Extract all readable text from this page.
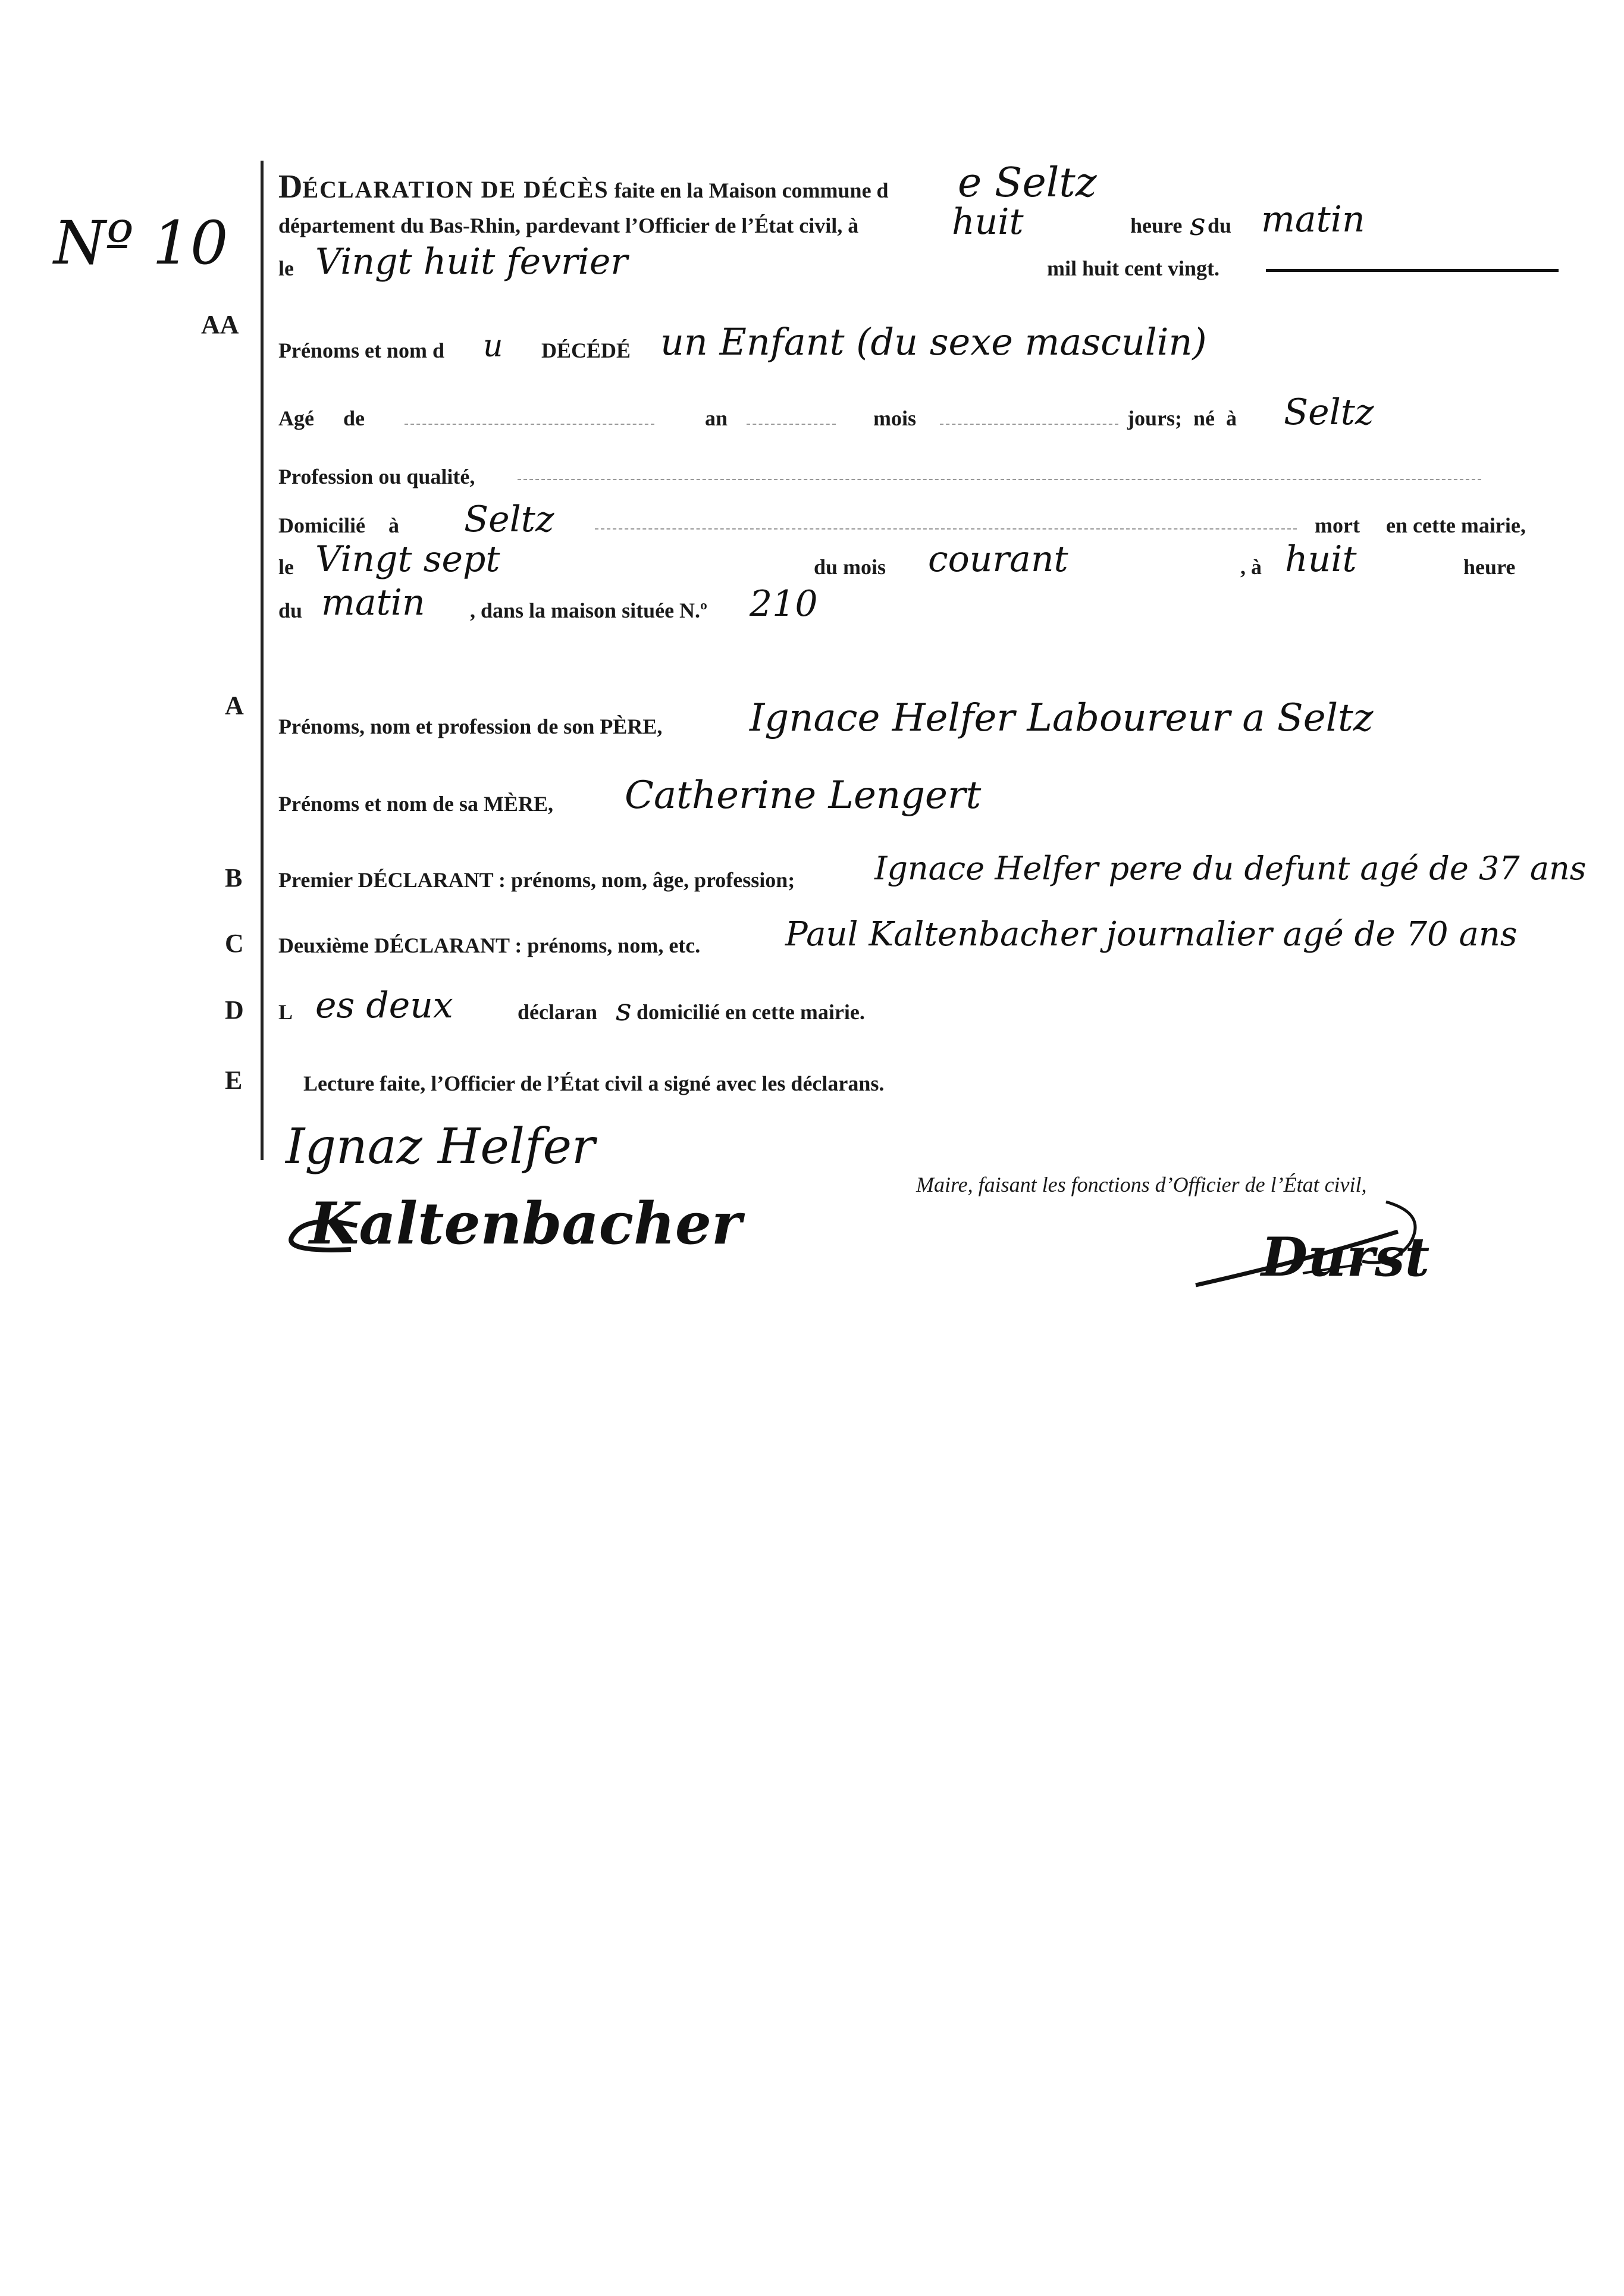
Nº 10
AA
A
B
C
D
E
DÉCLARATION DE DÉCÈS faite en la Maison commune d e Seltz
département du Bas-Rhin, pardevant l’Officier de l’État civil, à	huit	heure s du matin
le Vingt huit fevrier	mil huit cent vingt.
Prénoms et nom d u DÉCÉDÉ un Enfant (du sexe masculin)
Agé de	an	mois	jours; né à Seltz
Profession ou qualité,
Domicilié à Seltz	mort en cette mairie,
le Vingt sept	du mois courant	, à huit	heure
du matin , dans la maison située N.º 210
Prénoms, nom et profession de son PÈRE, Ignace Helfer Laboureur a Seltz
Prénoms et nom de sa MÈRE, Catherine Lengert
Premier DÉCLARANT : prénoms, nom, âge, profession; Ignace Helfer pere du defunt agé de 37 ans
Deuxième DÉCLARANT : prénoms, nom, etc.	Paul Kaltenbacher journalier agé de 70 ans
L es deux	déclaran s domicilié en cette mairie.
Lecture faite, l’Officier de l’État civil a signé avec les déclarans.
Ignaz Helfer
Kaltenbacher
Maire, faisant les fonctions d’Officier de l’État civil,
Durst
